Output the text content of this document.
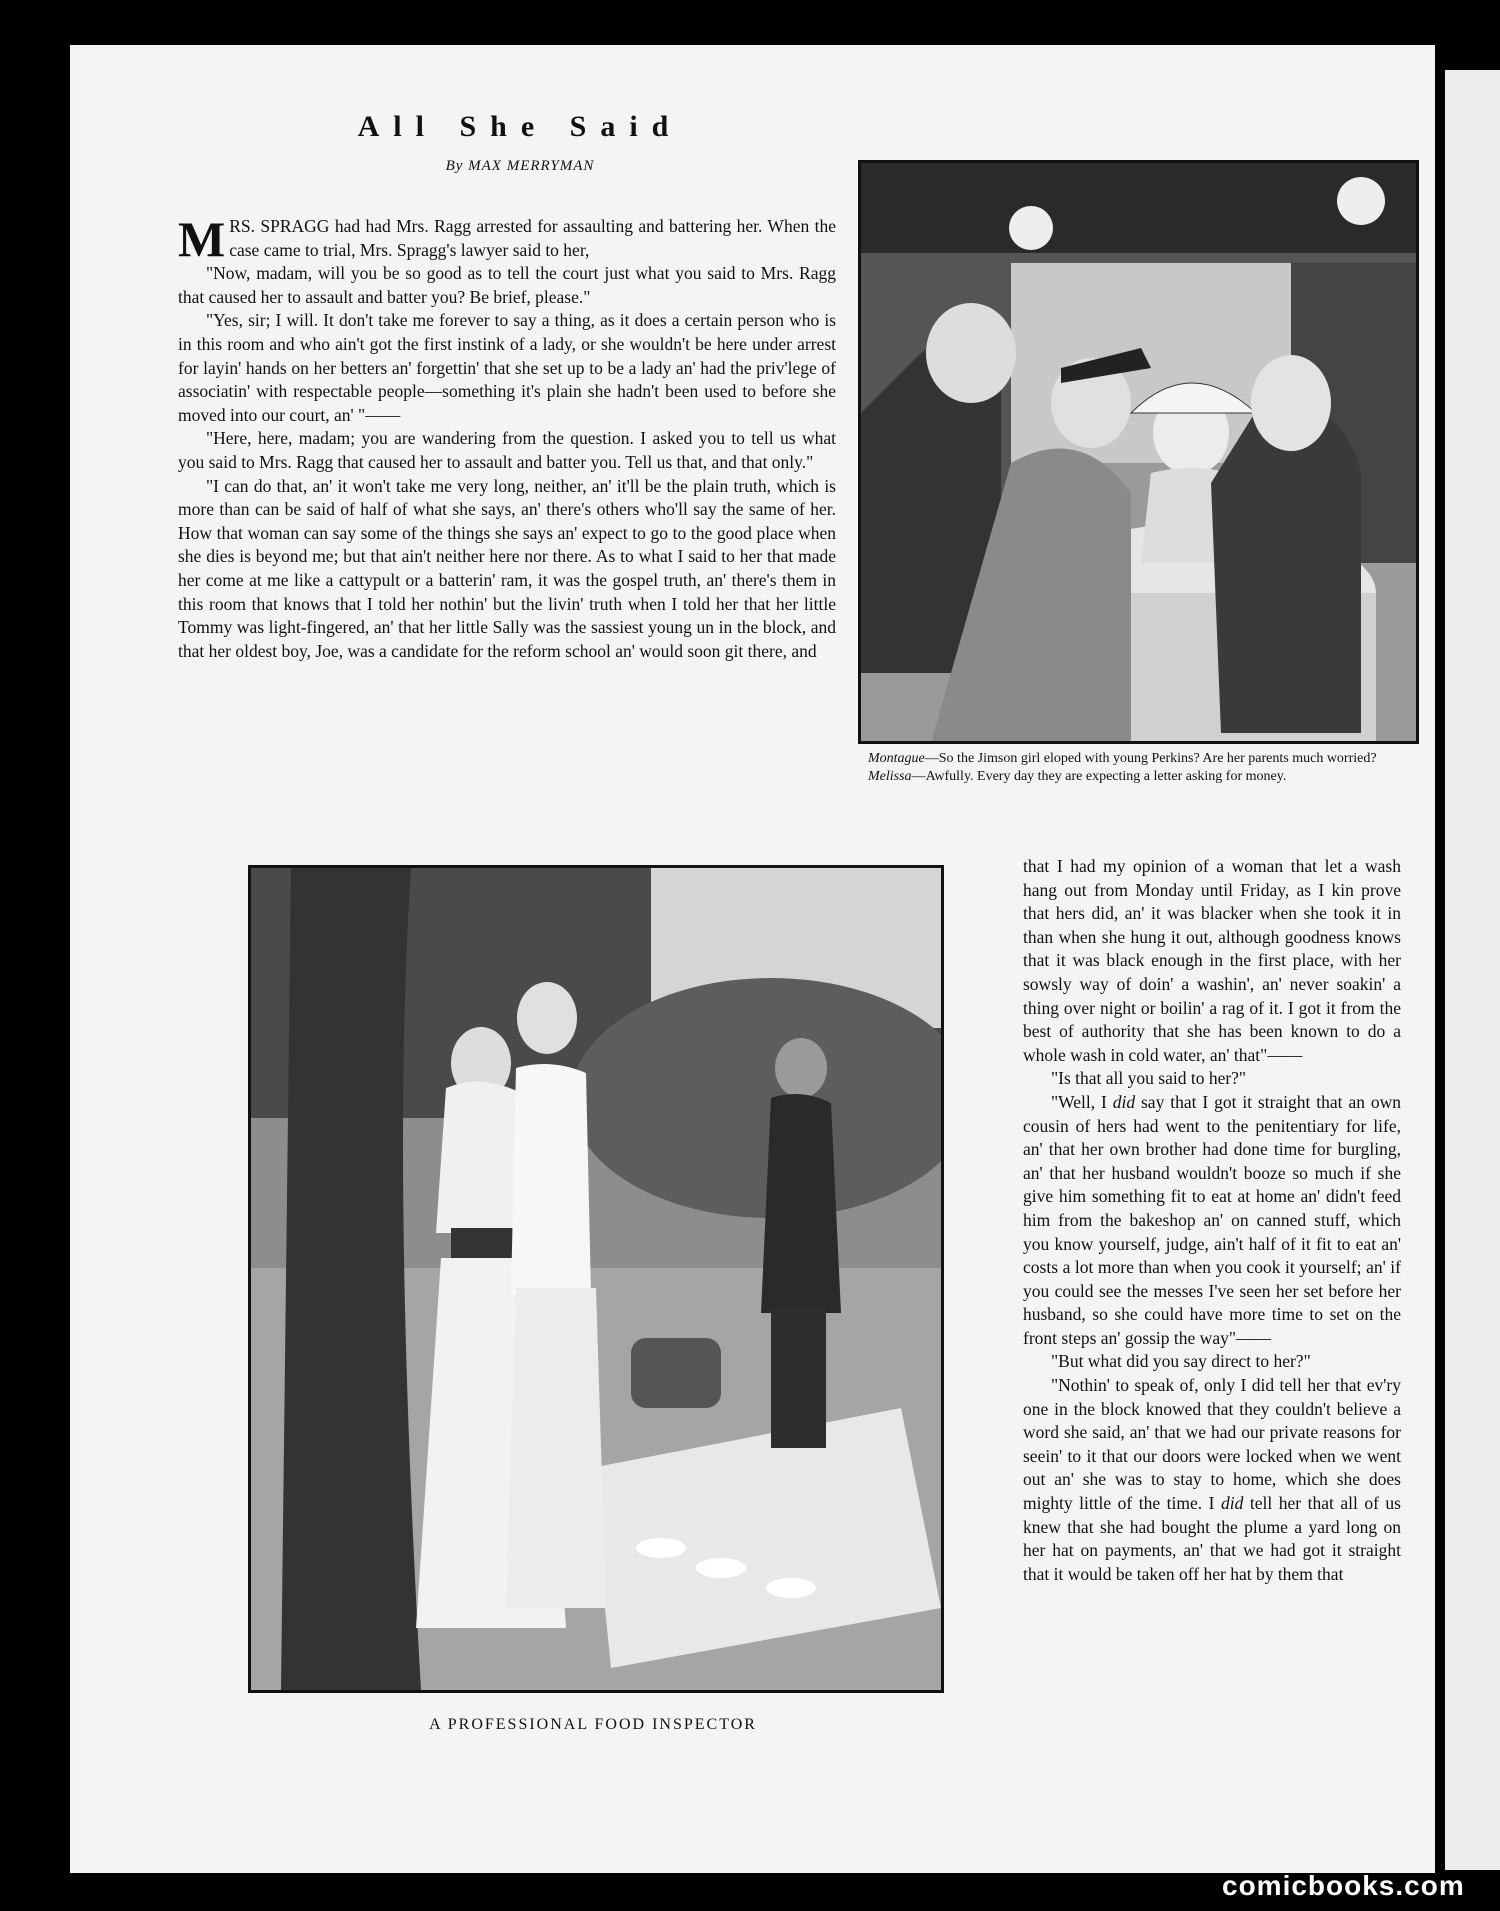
All She Said
By MAX MERRYMAN

MRS. SPRAGG had had Mrs. Ragg arrested for assaulting and battering her. When the case came to trial, Mrs. Spragg's lawyer said to her,

"Now, madam, will you be so good as to tell the court just what you said to Mrs. Ragg that caused her to assault and batter you? Be brief, please."

"Yes, sir; I will. It don't take me forever to say a thing, as it does a certain person who is in this room and who ain't got the first instink of a lady, or she wouldn't be here under arrest for layin' hands on her betters an' forgettin' that she set up to be a lady an' had the priv'lege of associatin' with respectable people—something it's plain she hadn't been used to before she moved into our court, an' "——

"Here, here, madam; you are wandering from the question. I asked you to tell us what you said to Mrs. Ragg that caused her to assault and batter you. Tell us that, and that only."

"I can do that, an' it won't take me very long, neither, an' it'll be the plain truth, which is more than can be said of half of what she says, an' there's others who'll say the same of her. How that woman can say some of the things she says an' expect to go to the good place when she dies is beyond me; but that ain't neither here nor there. As to what I said to her that made her come at me like a cattypult or a batterin' ram, it was the gospel truth, an' there's them in this room that knows that I told her nothin' but the livin' truth when I told her that her little Tommy was light-fingered, an' that her little Sally was the sassiest young un in the block, and that her oldest boy, Joe, was a candidate for the reform school an' would soon git there, and

Montague—So the Jimson girl eloped with young Perkins? Are her parents much worried?

Melissa—Awfully. Every day they are expecting a letter asking for money.

A PROFESSIONAL FOOD INSPECTOR

that I had my opinion of a woman that let a wash hang out from Monday until Friday, as I kin prove that hers did, an' it was blacker when she took it in than when she hung it out, although goodness knows that it was black enough in the first place, with her sowsly way of doin' a washin', an' never soakin' a thing over night or boilin' a rag of it. I got it from the best of authority that she has been known to do a whole wash in cold water, an' that"——

"Is that all you said to her?"

"Well, I did say that I got it straight that an own cousin of hers had went to the penitentiary for life, an' that her own brother had done time for burgling, an' that her husband wouldn't booze so much if she give him something fit to eat at home an' didn't feed him from the bakeshop an' on canned stuff, which you know yourself, judge, ain't half of it fit to eat an' costs a lot more than when you cook it yourself; an' if you could see the messes I've seen her set before her husband, so she could have more time to set on the front steps an' gossip the way"——

"But what did you say direct to her?"

"Nothin' to speak of, only I did tell her that ev'ry one in the block knowed that they couldn't believe a word she said, an' that we had our private reasons for seein' to it that our doors were locked when we went out an' she was to stay to home, which she does mighty little of the time. I did tell her that all of us knew that she had bought the plume a yard long on her hat on payments, an' that we had got it straight that it would be taken off her hat by them that

comicbooks.com
